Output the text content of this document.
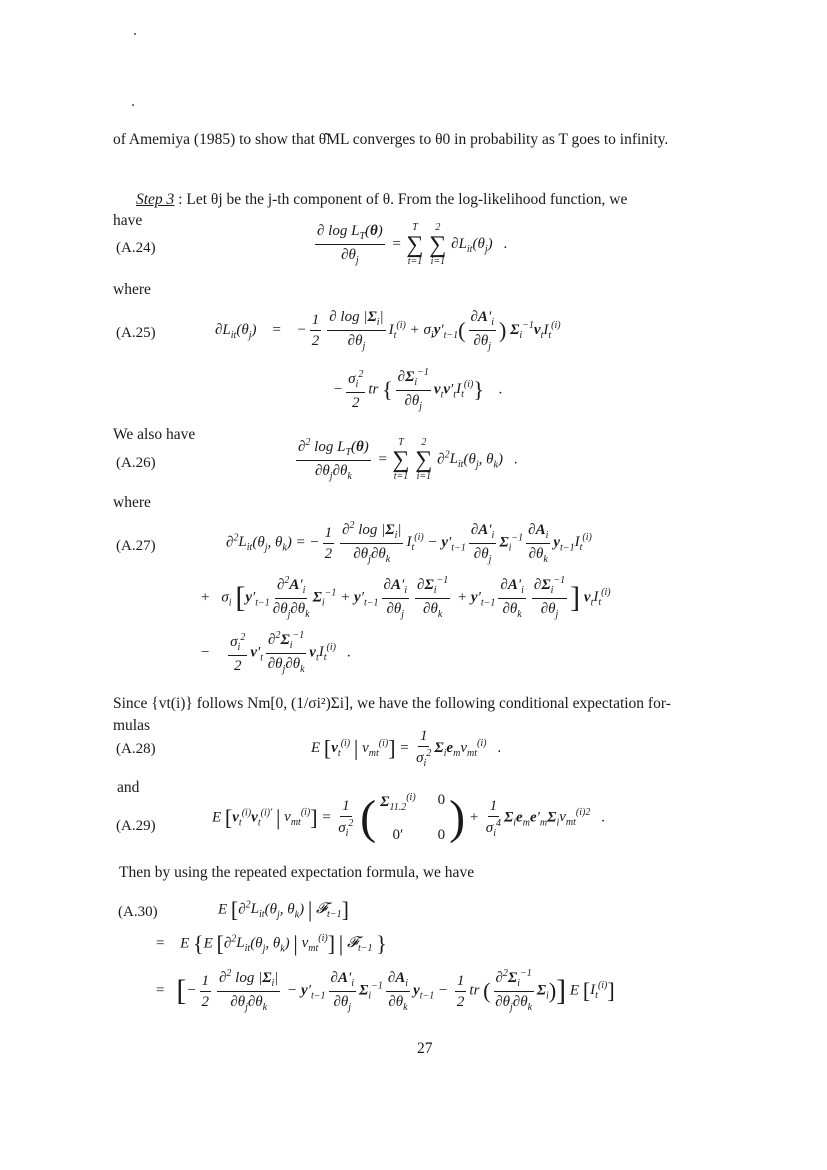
of Amemiya (1985) to show that θ̂ML converges to θ0 in probability as T goes to infinity.
Step 3 : Let θj be the j-th component of θ. From the log-likelihood function, we
have
(A.24)	$\frac{\partial \log L_T(\theta)}{\partial\theta_j}$ =
T
∑
t=1

2
∑
i=1
$\partial L_{it}(\theta_j)$   .
where
(A.25)	$\partial L_{it}(\theta_j)$    =    − $\frac{1}{2} \frac{\partial \log |\Sigma_i|}{\partial\theta_j} I_t^{(i)} + \sigma_iy'_{t-1}( \frac{\partial A'_i}{\partial\theta_j}$ ) $\Sigma_i^{-1}v_tI_t^{(i)}$
− $\frac{\sigma_i^2}{2}$ tr { $\frac{\partial\Sigma_i^{-1}}{\partial\theta_j} v_tv'_tI_t^{(i)}$}    .
We also have
(A.26)	$\frac{\partial^2 \log L_T(\theta)}{\partial\theta_j\partial\theta_k}$ =
T
∑
t=1

2
∑
i=1
$\partial^2L_{it}(\theta_j$, $\theta_k$)   .
where
(A.27)	$\partial^2L_{it}(\theta_j$, $\theta_k$) = − $\frac{1}{2} \frac{\partial^2 \log |\Sigma_i|}{\partial\theta_j\partial\theta_k} I_t^{(i)} - y'_{t-1} \frac{\partial A'_i}{\partial\theta_j} \Sigma_i^{-1} \frac{\partial A_i}{\partial\theta_k} y_{t-1}I_t^{(i)}$
+   $\sigma_i$ [$y'_{t-1} \frac{\partial^2A'_i}{\partial\theta_j\partial\theta_k} \Sigma_i^{-1} + y'_{t-1} \frac{\partial A'_i}{\partial\theta_j} \frac{\partial\Sigma_i^{-1}}{\partial\theta_k} + y'_{t-1} \frac{\partial A'_i}{\partial\theta_k} \frac{\partial\Sigma_i^{-1}}{\partial\theta_j}$ ] $v_tI_t^{(i)}$
− $\frac{\sigma_i^2}{2} v'_t \frac{\partial^2\Sigma_i^{-1}}{\partial\theta_j\partial\theta_k} v_tI_t^{(i)}$   .
Since {vt(i)} follows Nm[0, (1/σi²)Σi], we have the following conditional expectation for-
mulas
(A.28)	E [$v_t^{(i)}$ | $v_{mt}^{(i)}] = \frac{1}{\sigma_i^2} \Sigma_ie_mv_{mt}^{(i)}$   .
and
(A.29)
E [$v_t^{(i)}v_t^{(i)'}$ | $v_{mt}^{(i)}] = \frac{1}{\sigma_i^2}$
( $\Sigma_{11.2}^{(i)}$ 0
0′	0 ) + $\frac{1}{\sigma_i^4} \Sigma_ie_me'_m\Sigma_iv_{mt}^{(i)2}$   .
Then by using the repeated expectation formula, we have
(A.30)	E [$\partial^2L_{it}(\theta_j$, $\theta_k$) | 𝓕$_{t-1}$]
=    E {E [$\partial^2L_{it}(\theta_j$, $\theta_k$) | $v_{mt}^{(i)}$] | 𝓕$_{t-1}$ }
=   [− $\frac{1}{2} \frac{\partial^2 \log |\Sigma_i|}{\partial\theta_j\partial\theta_k} - y'_{t-1} \frac{\partial A'_i}{\partial\theta_j} \Sigma_i^{-1} \frac{\partial A_i}{\partial\theta_k} y_{t-1} - \frac{1}{2}$ tr ( $\frac{\partial^2\Sigma_i^{-1}}{\partial\theta_j\partial\theta_k} \Sigma_i$)] E $[I_t^{(i)}]$
27
